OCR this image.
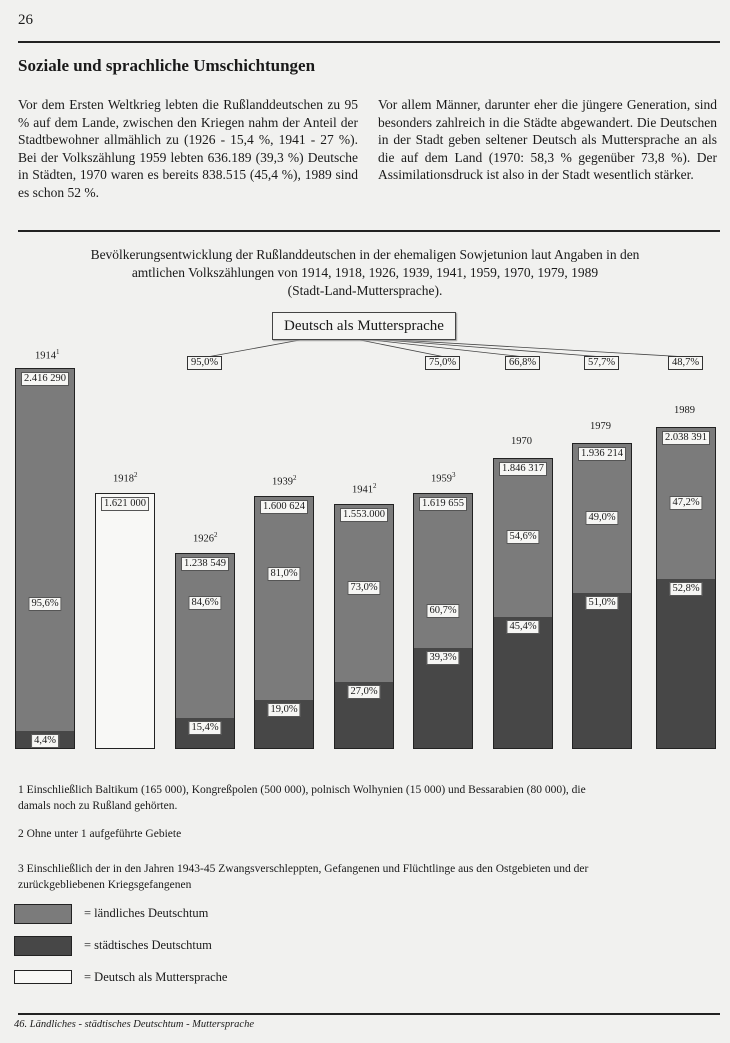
26
Soziale und sprachliche Umschichtungen
Vor dem Ersten Weltkrieg lebten die Rußlanddeutschen zu 95 % auf dem Lande, zwischen den Kriegen nahm der Anteil der Stadtbewohner allmählich zu (1926 - 15,4 %, 1941 - 27 %). Bei der Volkszählung 1959 lebten 636.189 (39,3 %) Deutsche in Städten, 1970 waren es bereits 838.515 (45,4 %), 1989 sind es schon 52 %.
Vor allem Männer, darunter eher die jüngere Generation, sind besonders zahlreich in die Städte abgewandert. Die Deutschen in der Stadt geben seltener Deutsch als Muttersprache an als die auf dem Land (1970: 58,3 % gegenüber 73,8 %). Der Assimilationsdruck ist also in der Stadt wesentlich stärker.
Bevölkerungsentwicklung der Rußlanddeutschen in der ehemaligen Sowjetunion laut Angaben in den
amtlichen Volkszählungen von 1914, 1918, 1926, 1939, 1941, 1959, 1970, 1979, 1989
(Stadt-Land-Muttersprache).
Deutsch als Muttersprache
95,6%
4,4%
2.416 290
1914$^1$
1.621 000
1918$^2$
84,6%
15,4%
1.238 549
1926$^2$
95,0%
81,0%
19,0%
1.600 624
1939$^2$
73,0%
27,0%
1.553.000
1941$^2$
60,7%
39,3%
1.619 655
1959$^3$
75,0%
54,6%
45,4%
1.846 317
1970
66,8%
49,0%
51,0%
1.936 214
1979
57,7%
47,2%
52,8%
2.038 391
1989
48,7%
1 Einschließlich Baltikum (165 000), Kongreßpolen (500 000), polnisch Wolhynien (15 000) und Bessarabien (80 000), die damals noch zu Rußland gehörten.
2 Ohne unter 1 aufgeführte Gebiete
3 Einschließlich der in den Jahren 1943-45 Zwangsverschleppten, Gefangenen und Flüchtlinge aus den Ostgebieten und der zurückgebliebenen Kriegsgefangenen
= ländliches Deutschtum
= städtisches Deutschtum
= Deutsch als Muttersprache
46. Ländliches - städtisches Deutschtum - Muttersprache
